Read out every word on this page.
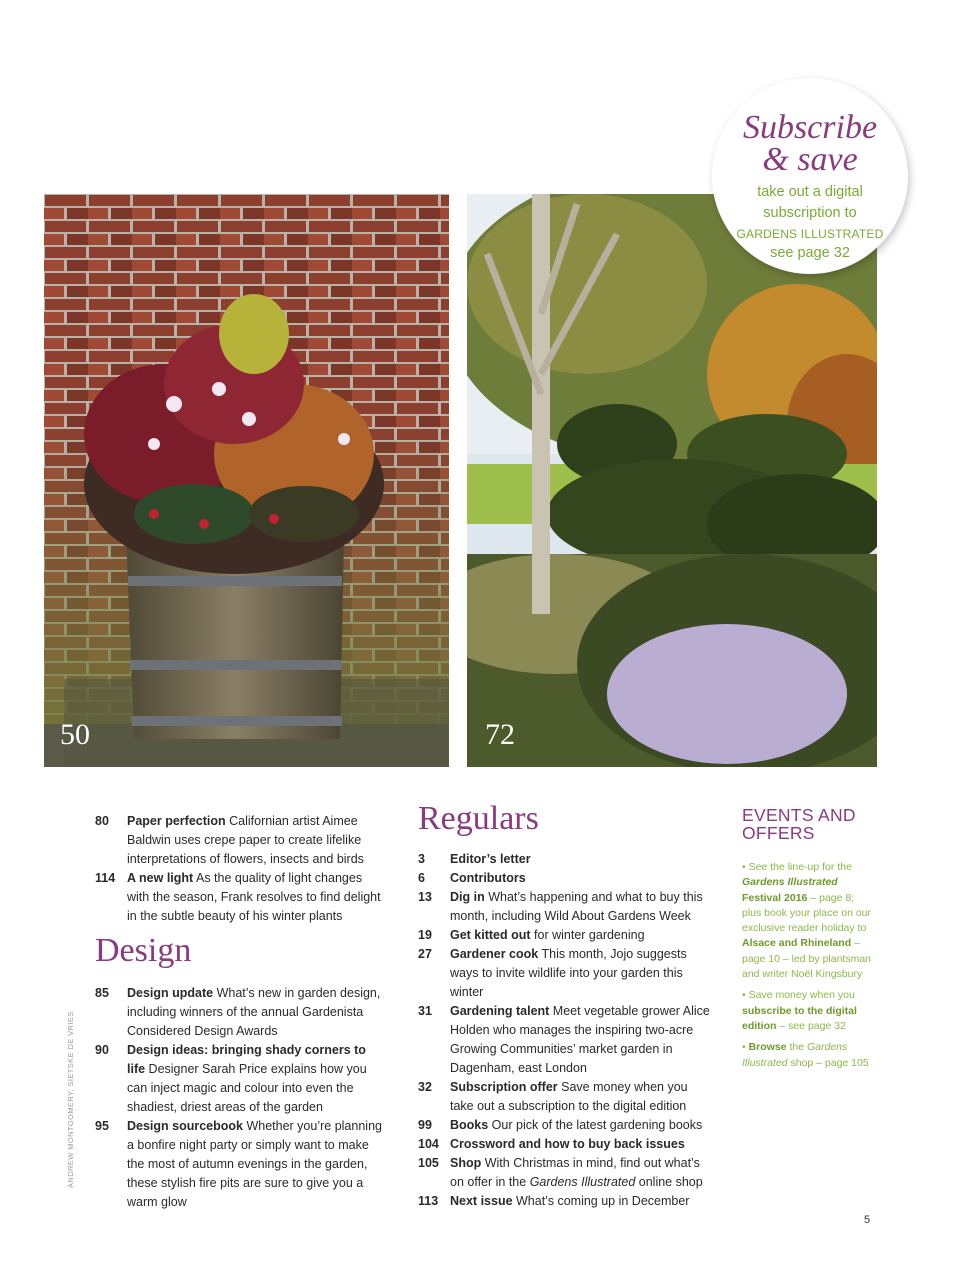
Subscribe
& save
take out a digital
subscription to
GARDENS ILLUSTRATED
see page 32
50	72
80 Paper perfection Californian artist Aimee Baldwin uses crepe paper to create lifelike interpretations of flowers, insects and birds
114 A new light As the quality of light changes with the season, Frank resolves to find delight in the subtle beauty of his winter plants
Design
85 Design update What’s new in garden design, including winners of the annual Gardenista Considered Design Awards
90 Design ideas: bringing shady corners to life Designer Sarah Price explains how you can inject magic and colour into even the shadiest, driest areas of the garden
95 Design sourcebook Whether you’re planning a bonfire night party or simply want to make the most of autumn evenings in the garden, these stylish fire pits are sure to give you a warm glow
Regulars
3 Editor’s letter
6 Contributors
13 Dig in What’s happening and what to buy this month, including Wild About Gardens Week
19 Get kitted out for winter gardening
27 Gardener cook This month, Jojo suggests ways to invite wildlife into your garden this winter
31 Gardening talent Meet vegetable grower Alice Holden who manages the inspiring two-acre Growing Communities’ market garden in Dagenham, east London
32 Subscription offer Save money when you take out a subscription to the digital edition
99 Books Our pick of the latest gardening books
104 Crossword and how to buy back issues
105 Shop With Christmas in mind, find out what’s on offer in the Gardens Illustrated online shop
113 Next issue What’s coming up in December
EVENTS AND
OFFERS

• See the line-up for the Gardens Illustrated Festival 2016 – page 8; plus book your place on our exclusive reader holiday to Alsace and Rhineland – page 10 – led by plantsman and writer Noël Kingsbury

• Save money when you subscribe to the digital edition – see page 32

• Browse the Gardens Illustrated shop – page 105

ANDREW MONTGOMERY, SIETSKE DE VRIES
5
